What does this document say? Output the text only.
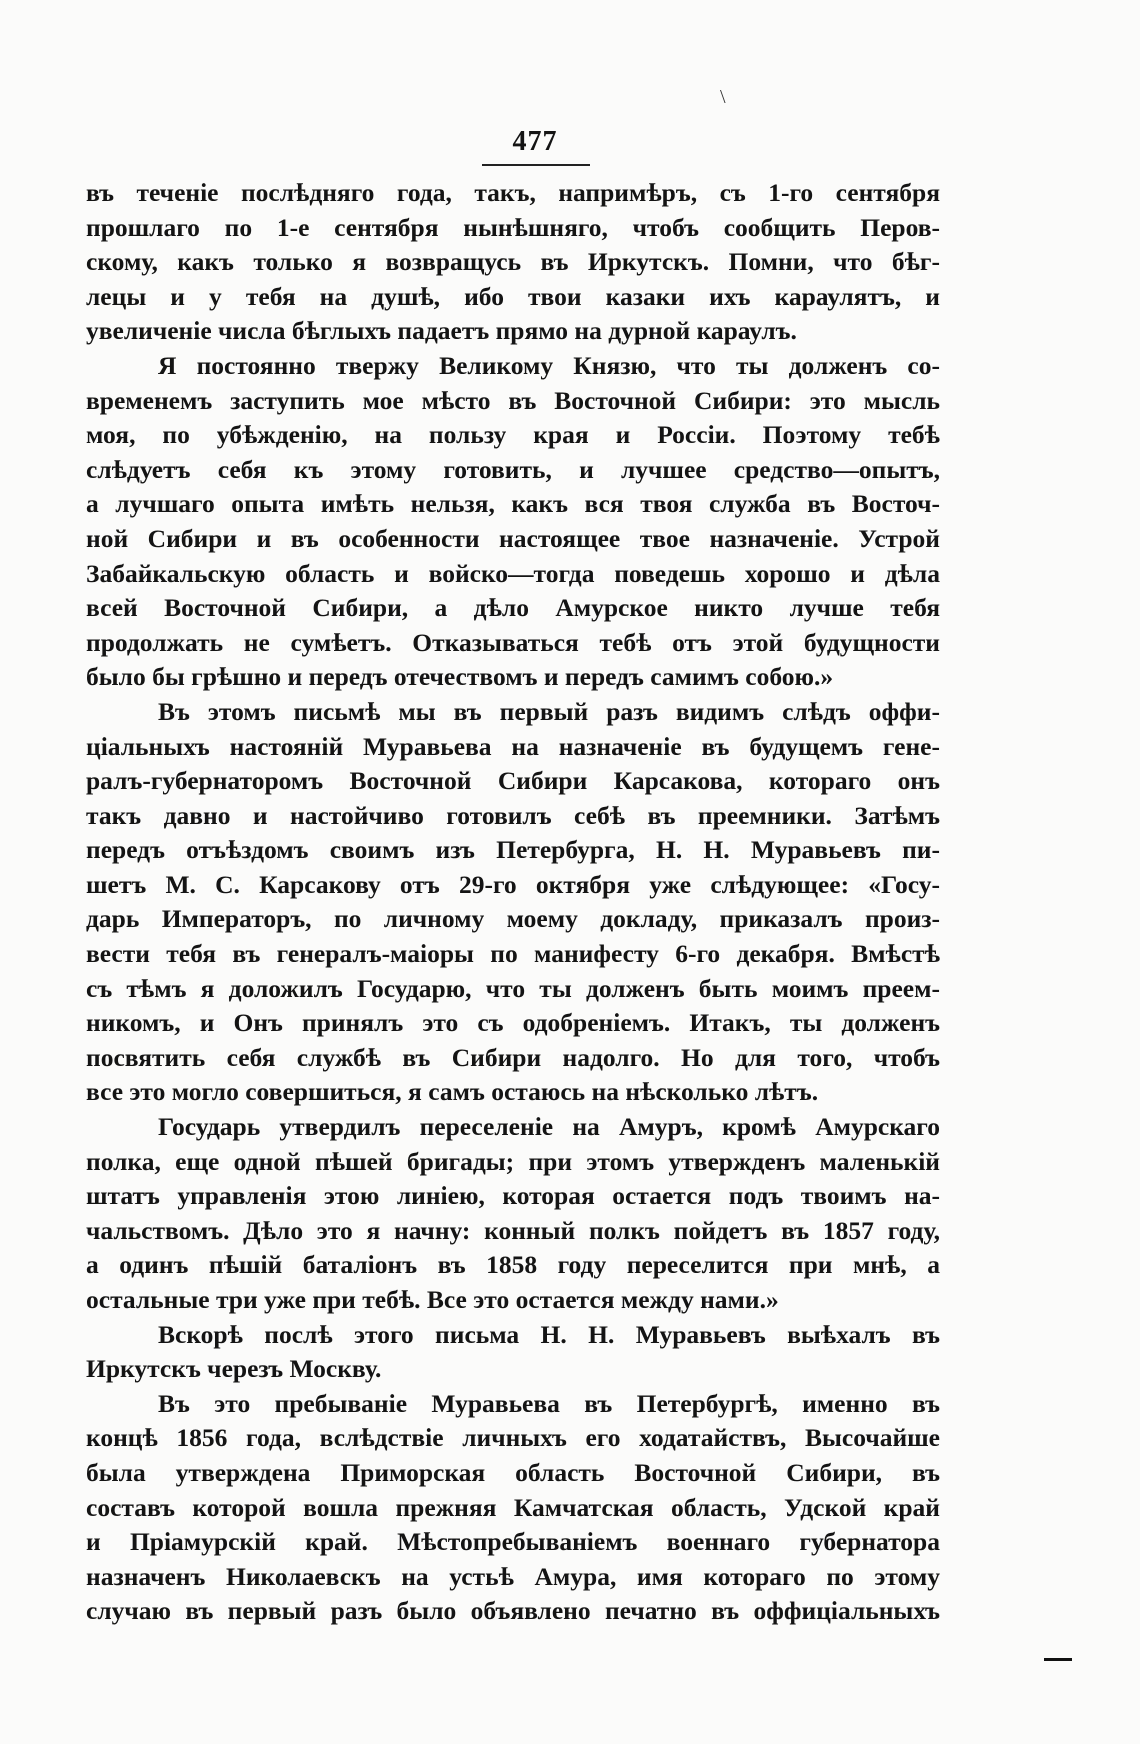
\
477
въ теченіе послѣдняго года, такъ, напримѣръ, съ 1-го сентября
прошлаго по 1-е сентября нынѣшняго, чтобъ сообщить Перов-
скому, какъ только я возвращусь въ Иркутскъ. Помни, что бѣг-
лецы и у тебя на душѣ, ибо твои казаки ихъ караулятъ, и
увеличеніе числа бѣглыхъ падаетъ прямо на дурной караулъ.
Я постоянно твержу Великому Князю, что ты долженъ со-
временемъ заступить мое мѣсто въ Восточной Сибири: это мысль
моя, по убѣжденію, на пользу края и Россіи. Поэтому тебѣ
слѣдуетъ себя къ этому готовить, и лучшее средство—опытъ,
а лучшаго опыта имѣть нельзя, какъ вся твоя служба въ Восточ-
ной Сибири и въ особенности настоящее твое назначеніе. Устрой
Забайкальскую область и войско—тогда поведешь хорошо и дѣла
всей Восточной Сибири, а дѣло Амурское никто лучше тебя
продолжать не сумѣетъ. Отказываться тебѣ отъ этой будущности
было бы грѣшно и передъ отечествомъ и передъ самимъ собою.»
Въ этомъ письмѣ мы въ первый разъ видимъ слѣдъ оффи-
ціальныхъ настояній Муравьева на назначеніе въ будущемъ гене-
ралъ-губернаторомъ Восточной Сибири Карсакова, котораго онъ
такъ давно и настойчиво готовилъ себѣ въ преемники. Затѣмъ
передъ отъѣздомъ своимъ изъ Петербурга, Н. Н. Муравьевъ пи-
шетъ М. С. Карсакову отъ 29-го октября уже слѣдующее: «Госу-
дарь Императоръ, по личному моему докладу, приказалъ произ-
вести тебя въ генералъ-маіоры по манифесту 6-го декабря. Вмѣстѣ
съ тѣмъ я доложилъ Государю, что ты долженъ быть моимъ преем-
никомъ, и Онъ принялъ это съ одобреніемъ. Итакъ, ты долженъ
посвятить себя службѣ въ Сибири надолго. Но для того, чтобъ
все это могло совершиться, я самъ остаюсь на нѣсколько лѣтъ.
Государь утвердилъ переселеніе на Амуръ, кромѣ Амурскаго
полка, еще одной пѣшей бригады; при этомъ утвержденъ маленькій
штатъ управленія этою линіею, которая остается подъ твоимъ на-
чальствомъ. Дѣло это я начну: конный полкъ пойдетъ въ 1857 году,
а одинъ пѣшій баталіонъ въ 1858 году переселится при мнѣ, а
остальные три уже при тебѣ. Все это остается между нами.»
Вскорѣ послѣ этого письма Н. Н. Муравьевъ выѣхалъ въ
Иркутскъ черезъ Москву.
Въ это пребываніе Муравьева въ Петербургѣ, именно въ
концѣ 1856 года, вслѣдствіе личныхъ его ходатайствъ, Высочайше
была утверждена Приморская область Восточной Сибири, въ
составъ которой вошла прежняя Камчатская область, Удской край
и Пріамурскій край. Мѣстопребываніемъ военнаго губернатора
назначенъ Николаевскъ на устьѣ Амура, имя котораго по этому
случаю въ первый разъ было объявлено печатно въ оффиціальныхъ
